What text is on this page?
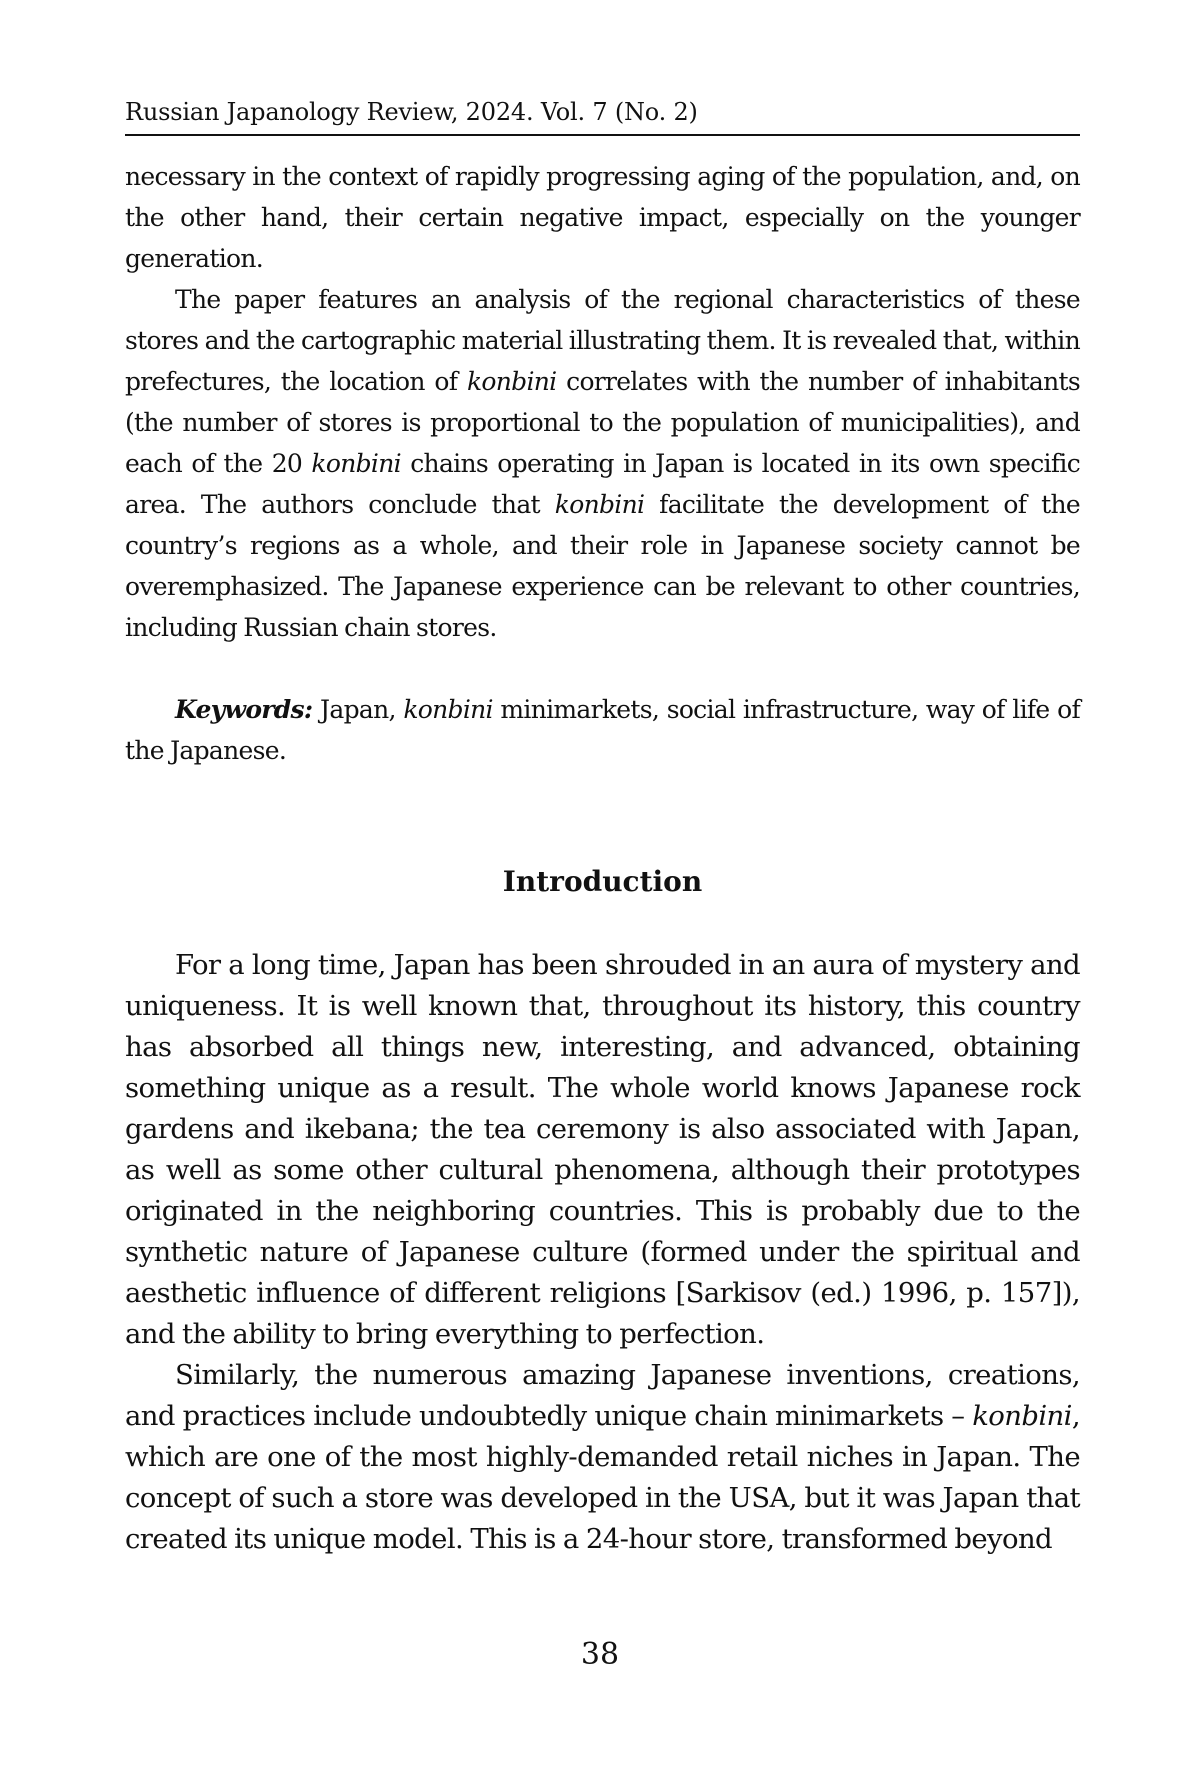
Russian Japanology Review, 2024. Vol. 7 (No. 2)

necessary in the context of rapidly progressing aging of the population, and, on the other hand, their certain negative impact, especially on the younger generation.

The paper features an analysis of the regional characteristics of these stores and the cartographic material illustrating them. It is revealed that, within prefectures, the location of konbini correlates with the number of inhabitants (the number of stores is proportional to the population of municipalities), and each of the 20 konbini chains operating in Japan is located in its own specific area. The authors conclude that konbini facilitate the development of the country’s regions as a whole, and their role in Japanese society cannot be overemphasized. The Japanese experience can be relevant to other countries, including Russian chain stores.

Keywords: Japan, konbini minimarkets, social infrastructure, way of life of the Japanese.

Introduction

For a long time, Japan has been shrouded in an aura of mystery and uniqueness. It is well known that, throughout its history, this country has absorbed all things new, interesting, and advanced, obtaining something unique as a result. The whole world knows Japanese rock gardens and ikebana; the tea ceremony is also associated with Japan, as well as some other cultural phenomena, although their prototypes originated in the neighboring countries. This is probably due to the synthetic nature of Japanese culture (formed under the spiritual and aesthetic influence of different religions [Sarkisov (ed.) 1996, p. 157]), and the ability to bring everything to perfection.

Similarly, the numerous amazing Japanese inventions, creations, and practices include undoubtedly unique chain minimarkets – konbini, which are one of the most highly-demanded retail niches in Japan. The concept of such a store was developed in the USA, but it was Japan that created its unique model. This is a 24-hour store, transformed beyond

38
